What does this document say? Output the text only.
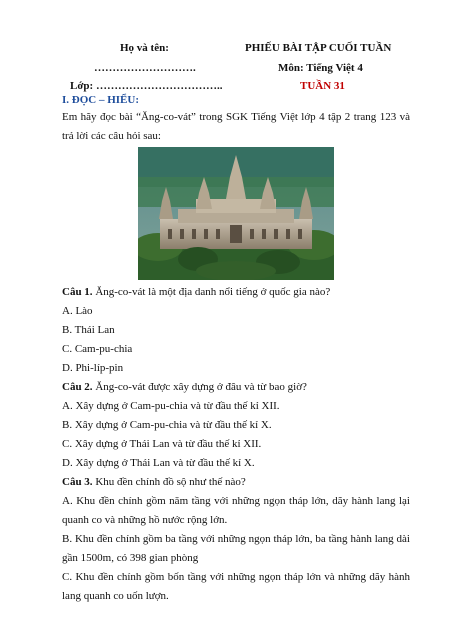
Họ và tên:
……………………….
Lớp: ……………………………..
PHIẾU BÀI TẬP CUỐI TUẦN
Môn: Tiếng Việt 4
TUẦN 31
I. ĐỌC – HIỂU:
Em hãy đọc bài “Ăng-co-vát” trong SGK Tiếng Việt lớp 4 tập 2 trang 123 và trả lời các câu hỏi sau:
Câu 1. Ăng-co-vát là một địa danh nổi tiếng ở quốc gia nào?
A. Lào
B. Thái Lan
C. Cam-pu-chia
D. Phi-líp-pin
Câu 2. Ăng-co-vát được xây dựng ở đâu và từ bao giờ?
A. Xây dựng ở Cam-pu-chia và từ đầu thế kỉ XII.
B. Xây dựng ở Cam-pu-chia và từ đầu thế kỉ X.
C. Xây dựng ở Thái Lan và từ đầu thế kỉ XII.
D. Xây dựng ở Thái Lan và từ đầu thế kỉ X.
Câu 3. Khu đền chính đồ sộ như thế nào?
A. Khu đền chính gồm năm tầng với những ngọn tháp lớn, dãy hành lang lại quanh co và những hồ nước rộng lớn.
B. Khu đền chính gồm ba tầng với những ngọn tháp lớn, ba tầng hành lang dài gần 1500m, có 398 gian phòng
C. Khu đền chính gồm bốn tầng với những ngọn tháp lớn và những dãy hành lang quanh co uốn lượn.
